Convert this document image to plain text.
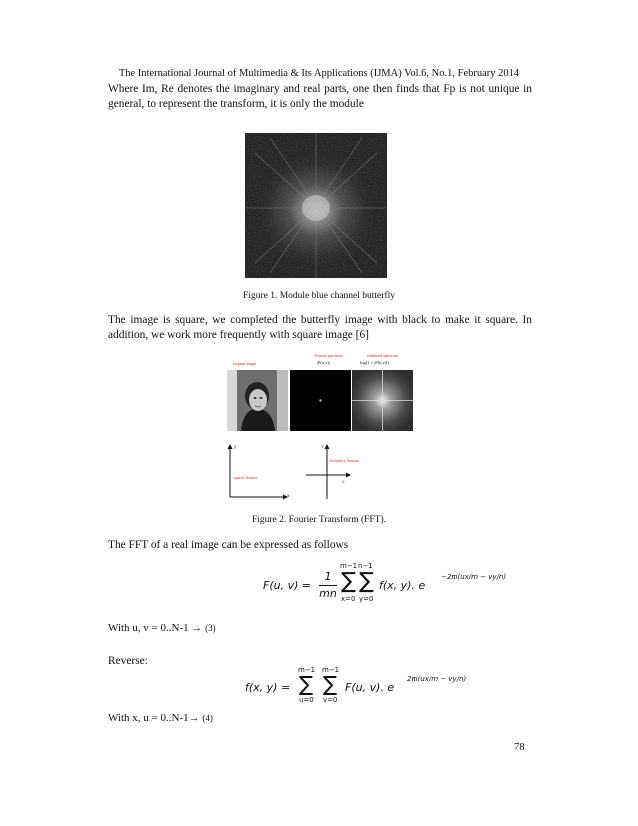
The International Journal of Multimedia & Its Applications (IJMA) Vol.6, No.1, February 2014
Where Im, Re denotes the imaginary and real parts, one then finds that Fp is not unique in general, to represent the transform, it is only the module
Figure 1. Module blue channel butterfly
The image is square, we completed the butterfly image with black to make it square. In addition, we work more frequently with square image [6]
original image
Fourier spectrum
|F(u,v)|
enhanced spectrum
log(1 + |F(u,v)|)
y
x
spatial domain
v
u
frequency domain
Figure 2. Fourier Transform (FFT).
The FFT of a real image can be expressed as follows
F(u, v) =
1
mn
m−1
∑
x=0
n−1
∑
y=0
f(x, y). e
−2πi(ux/m − vy/n)
With u, v = 0..N-1 → (3)
Reverse:
f(x, y) =
m−1
∑
u=0
m−1
∑
v=0
F(u, v). e
2πi(ux/m − vy/n)
With x, u = 0..N-1→ (4)
78
